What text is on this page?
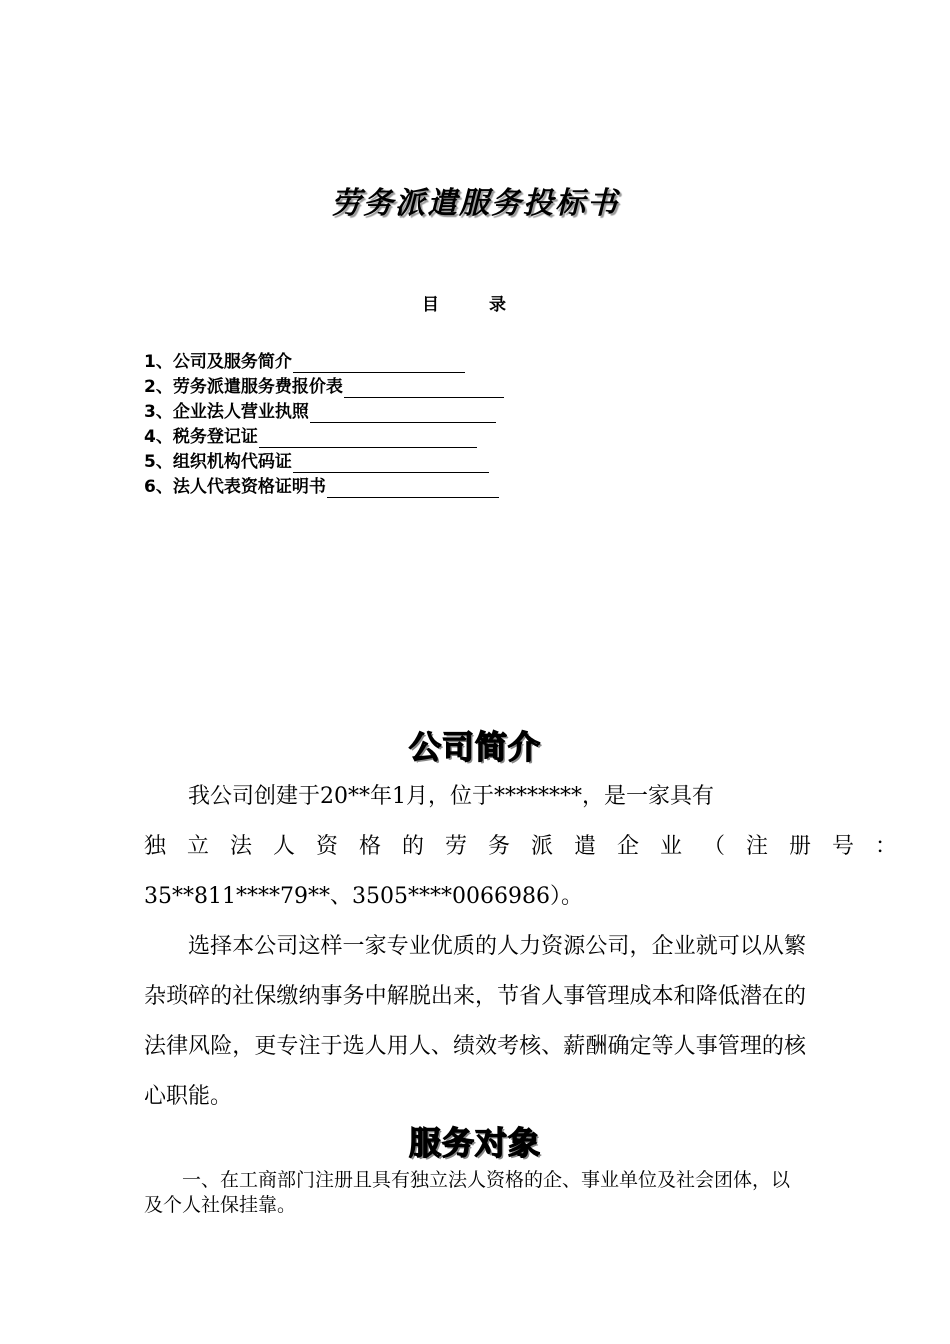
劳务派遣服务投标书
目 录
1、公司及服务简介
2、劳务派遣服务费报价表
3、企业法人营业执照
4、税务登记证
5、组织机构代码证
6、法人代表资格证明书
公司简介
我公司创建于20**年1月，位于********，是一家具有
独立法人资格的劳务派遣企业（注册号：
35**811****79**、3505****0066986）。

选择本公司这样一家专业优质的人力资源公司，企业就可以从繁杂琐碎的社保缴纳事务中解脱出来，节省人事管理成本和降低潜在的法律风险，更专注于选人用人、绩效考核、薪酬确定等人事管理的核心职能。

服务对象

一、在工商部门注册且具有独立法人资格的企、事业单位及社会团体，以及个人社保挂靠。
